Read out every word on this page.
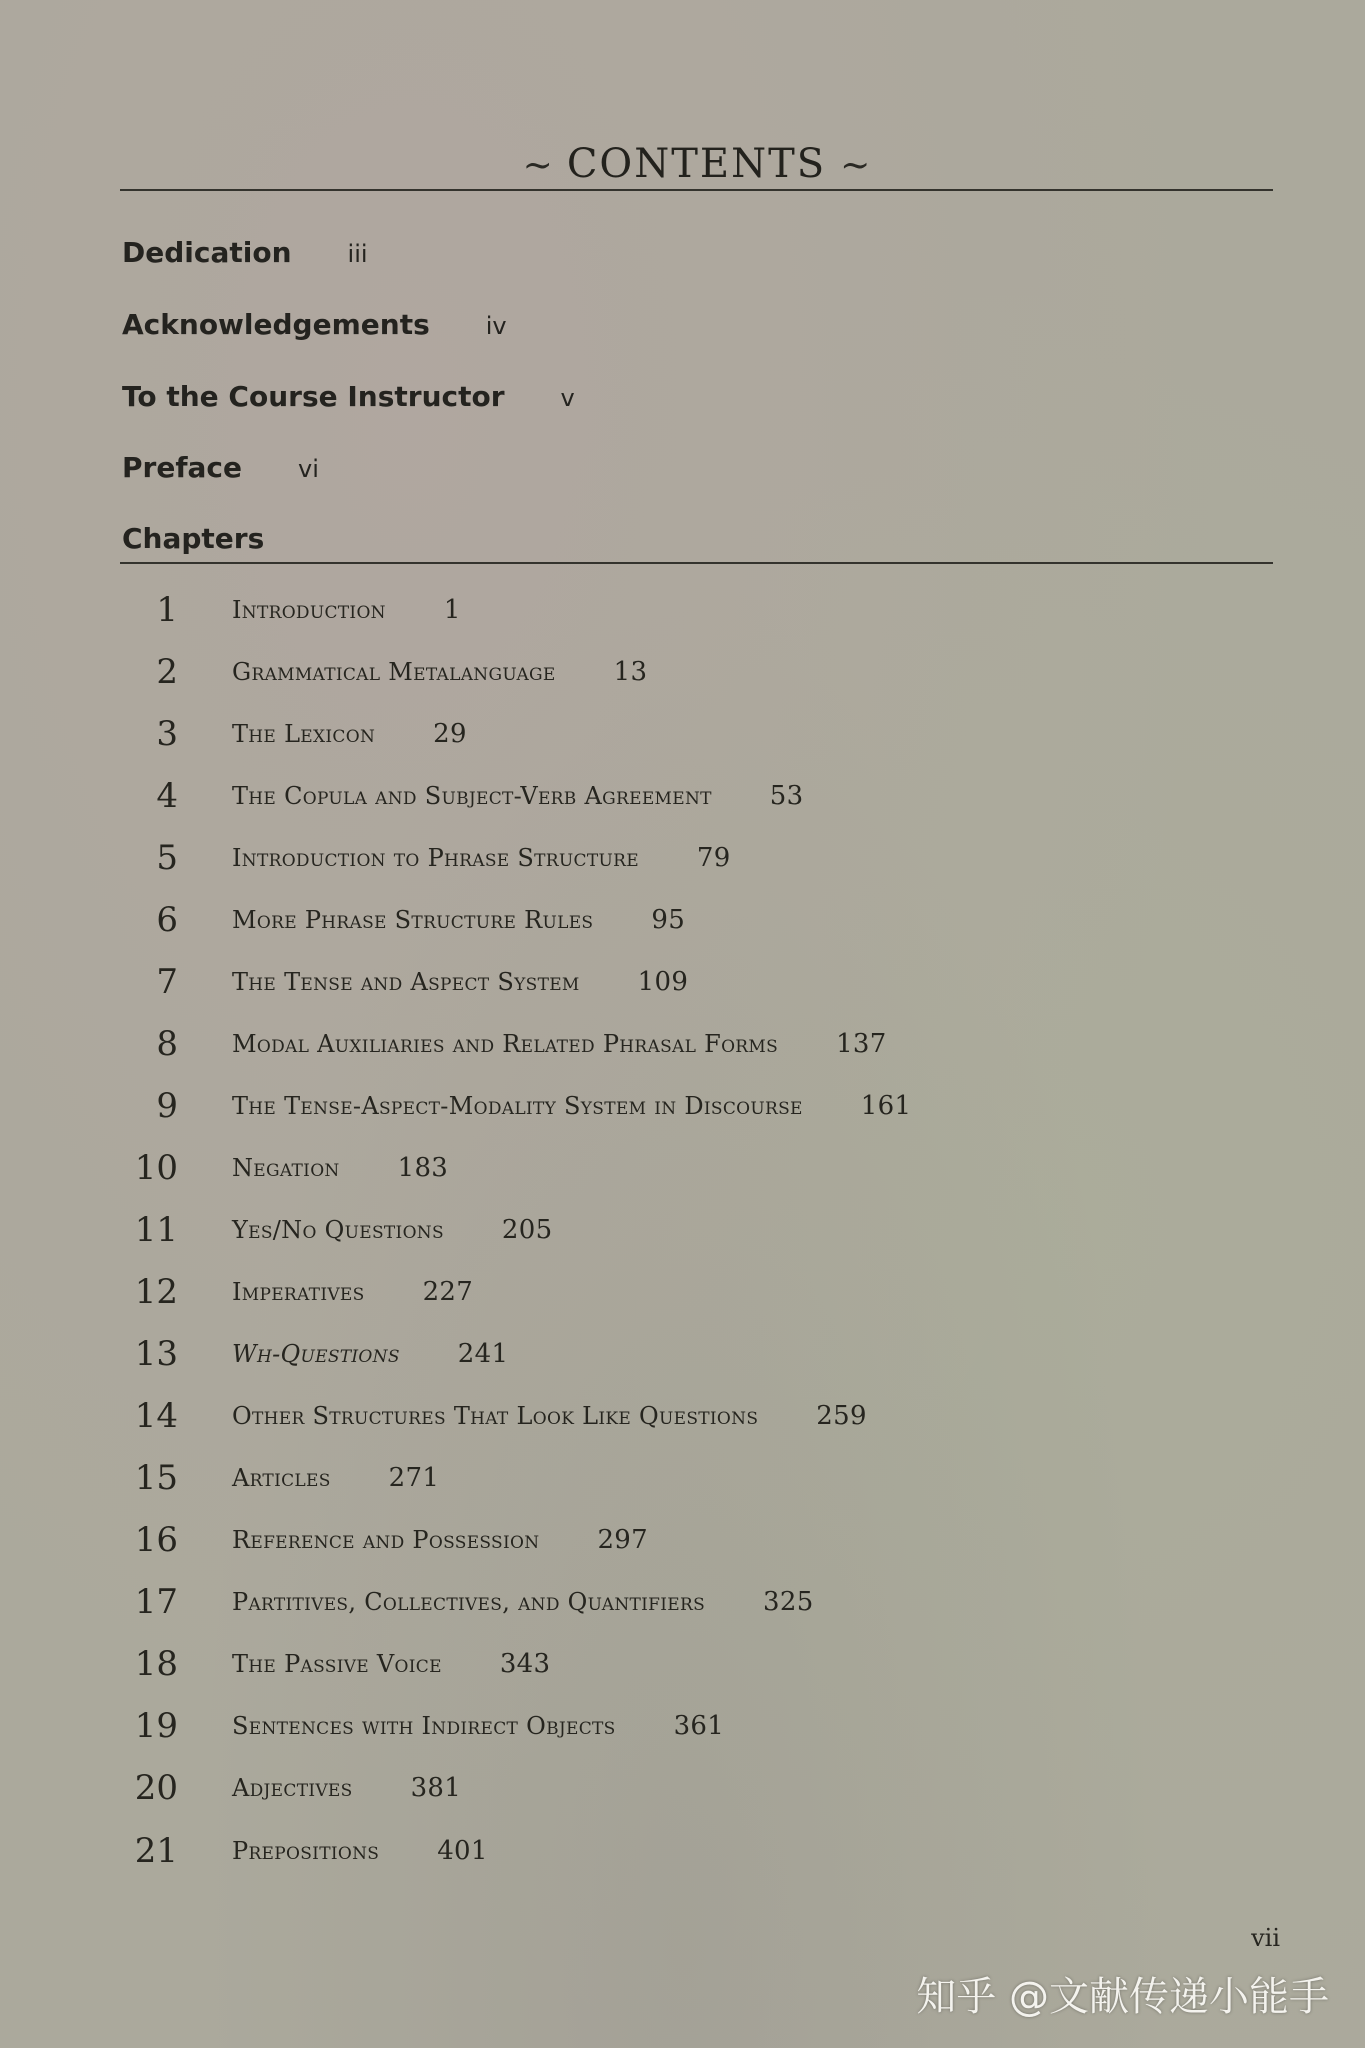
~ CONTENTS ~
Dedication iii
Acknowledgements iv
To the Course Instructor v
Preface vi
Chapters
1 Introduction 1
2 Grammatical Metalanguage 13
3 The Lexicon 29
4 The Copula and Subject-Verb Agreement 53
5 Introduction to Phrase Structure 79
6 More Phrase Structure Rules 95
7 The Tense and Aspect System 109
8 Modal Auxiliaries and Related Phrasal Forms 137
9 The Tense-Aspect-Modality System in Discourse 161
10 Negation 183
11 Yes/No Questions 205
12 Imperatives 227
13 Wh-Questions 241
14 Other Structures That Look Like Questions 259
15 Articles 271
16 Reference and Possession 297
17 Partitives, Collectives, and Quantifiers 325
18 The Passive Voice 343
19 Sentences with Indirect Objects 361
20 Adjectives 381
21 Prepositions 401
vii
知乎 @文献传递小能手
